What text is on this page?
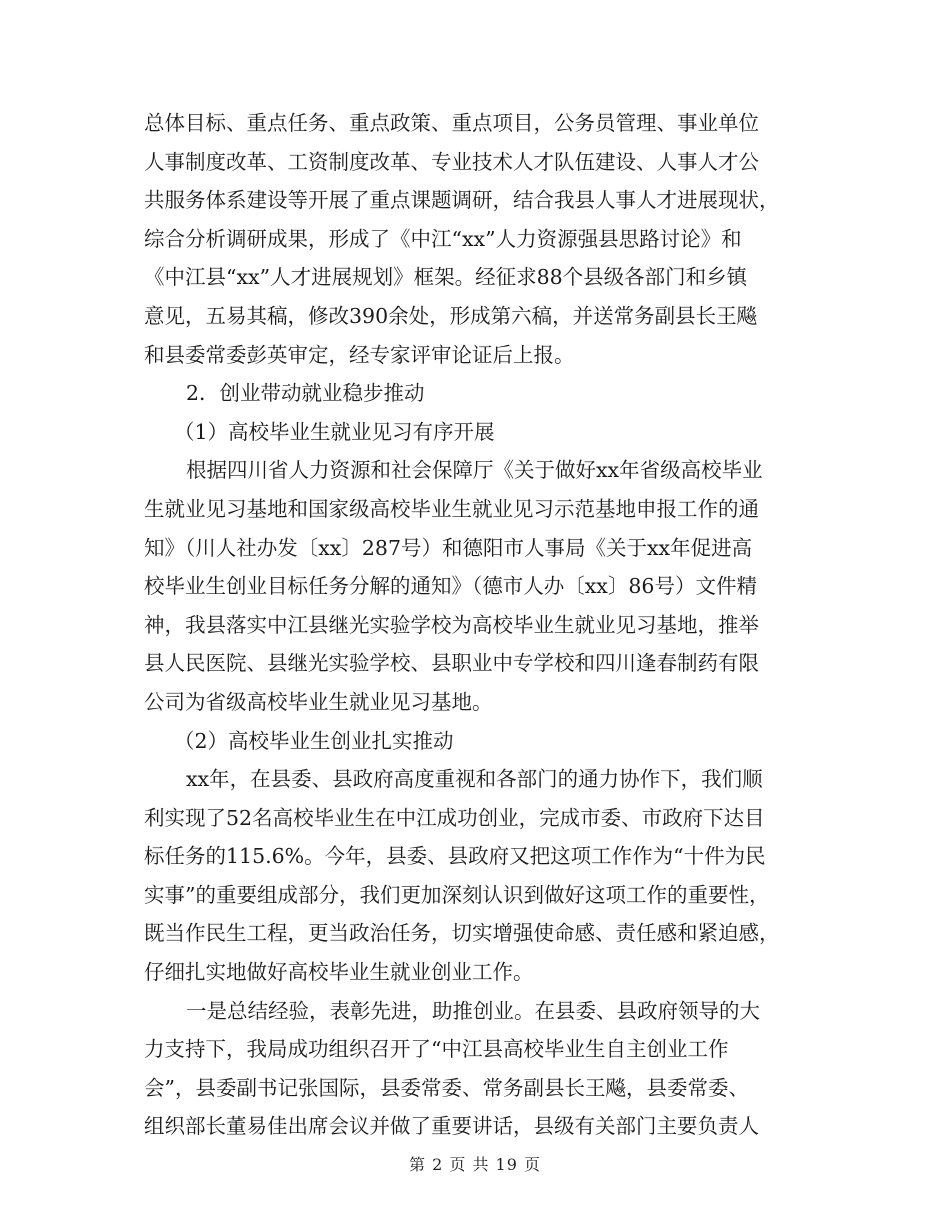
总体目标、重点任务、重点政策、重点项目，公务员管理、事业单位
人事制度改革、工资制度改革、专业技术人才队伍建设、人事人才公
共服务体系建设等开展了重点课题调研，结合我县人事人才进展现状，
综合分析调研成果，形成了《中江“xx”人力资源强县思路讨论》和
《中江县“xx”人才进展规划》框架。经征求88个县级各部门和乡镇
意见，五易其稿，修改390余处，形成第六稿，并送常务副县长王飚
和县委常委彭英审定，经专家评审论证后上报。
2．创业带动就业稳步推动
（1）高校毕业生就业见习有序开展
根据四川省人力资源和社会保障厅《关于做好xx年省级高校毕业
生就业见习基地和国家级高校毕业生就业见习示范基地申报工作的通
知》（川人社办发〔xx〕287号）和德阳市人事局《关于xx年促进高
校毕业生创业目标任务分解的通知》（德市人办〔xx〕86号）文件精
神，我县落实中江县继光实验学校为高校毕业生就业见习基地，推举
县人民医院、县继光实验学校、县职业中专学校和四川逢春制药有限
公司为省级高校毕业生就业见习基地。
（2）高校毕业生创业扎实推动
xx年，在县委、县政府高度重视和各部门的通力协作下，我们顺
利实现了52名高校毕业生在中江成功创业，完成市委、市政府下达目
标任务的115.6%。今年，县委、县政府又把这项工作作为“十件为民
实事”的重要组成部分，我们更加深刻认识到做好这项工作的重要性，
既当作民生工程，更当政治任务，切实增强使命感、责任感和紧迫感，
仔细扎实地做好高校毕业生就业创业工作。
一是总结经验，表彰先进，助推创业。在县委、县政府领导的大
力支持下，我局成功组织召开了“中江县高校毕业生自主创业工作
会”，县委副书记张国际，县委常委、常务副县长王飚，县委常委、
组织部长董易佳出席会议并做了重要讲话，县级有关部门主要负责人
第 2 页 共 19 页
